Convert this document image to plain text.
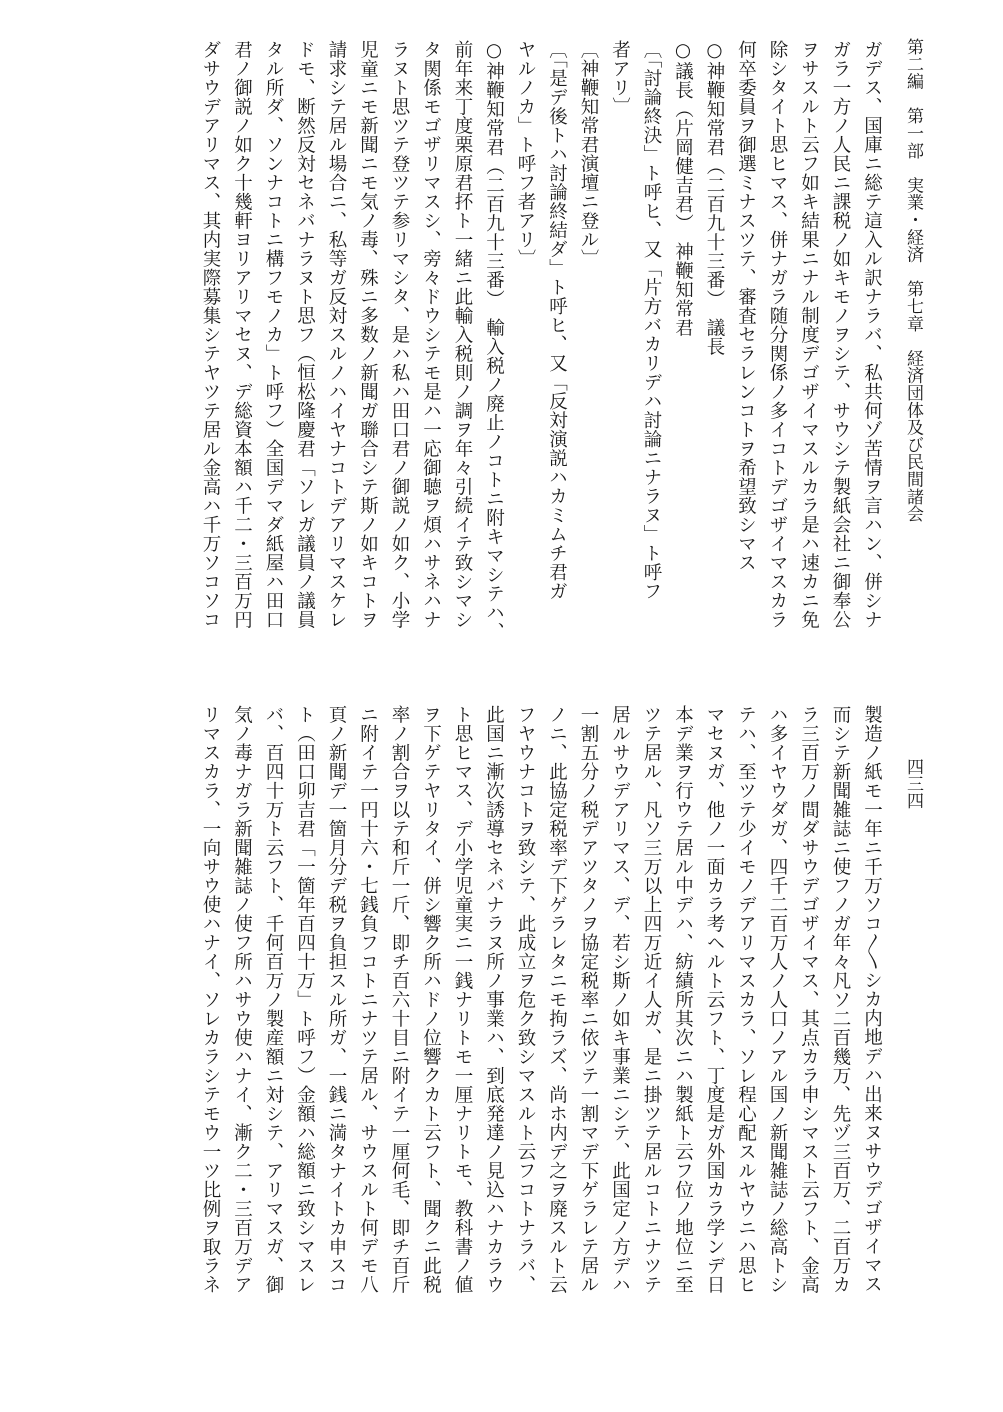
第二編　第一部　実業・経済　第七章　経済団体及び民間諸会
四三四
ガデス、国庫ニ総テ這入ル訳ナラバ、私共何ゾ苦情ヲ言ハン、併シナ
ガラ一方ノ人民ニ課税ノ如キモノヲシテ、サウシテ製紙会社ニ御奉公
ヲサスルト云フ如キ結果ニナル制度デゴザイマスルカラ是ハ速カニ免
除シタイト思ヒマス、併ナガラ随分関係ノ多イコトデゴザイマスカラ
何卒委員ヲ御選ミナスツテ、審査セラレンコトヲ希望致シマス
○神鞭知常君（二百九十三番）　議長
○議長（片岡健吉君）　神鞭知常君
〔「討論終決」ト呼ヒ、又「片方バカリデハ討論ニナラヌ」ト呼フ
者アリ〕
〔神鞭知常君演壇ニ登ル〕
〔「是デ後トハ討論終結ダ」ト呼ヒ、又「反対演説ハカミムチ君ガ
ヤルノカ」ト呼フ者アリ〕
○神鞭知常君（二百九十三番）　輸入税ノ廃止ノコトニ附キマシテハ、
前年来丁度栗原君抔ト一緒ニ此輸入税則ノ調ヲ年々引続イテ致シマシ
タ関係モゴザリマスシ、旁々ドウシテモ是ハ一応御聴ヲ煩ハサネハナ
ラヌト思ツテ登ツテ参リマシタ、是ハ私ハ田口君ノ御説ノ如ク、小学
児童ニモ新聞ニモ気ノ毒、殊ニ多数ノ新聞ガ聯合シテ斯ノ如キコトヲ
請求シテ居ル場合ニ、私等ガ反対スルノハイヤナコトデアリマスケレ
ドモ、断然反対セネバナラヌト思フ（恒松隆慶君「ソレガ議員ノ議員
タル所ダ、ソンナコトニ構フモノカ」ト呼フ）全国デマダ紙屋ハ田口
君ノ御説ノ如ク十幾軒ヨリアリマセヌ、デ総資本額ハ千二・三百万円
ダサウデアリマス、其内実際募集シテヤツテ居ル金高ハ千万ソコソコ
製造ノ紙モ一年ニ千万ソコ〳〵シカ内地デハ出来ヌサウデゴザイマス
而シテ新聞雑誌ニ使フノガ年々凡ソ二百幾万、先ヅ三百万、二百万カ
ラ三百万ノ間ダサウデゴザイマス、其点カラ申シマスト云フト、金高
ハ多イヤウダガ、四千二百万人ノ人口ノアル国ノ新聞雑誌ノ総高トシ
テハ、至ツテ少イモノデアリマスカラ、ソレ程心配スルヤウニハ思ヒ
マセヌガ、他ノ一面カラ考ヘルト云フト、丁度是ガ外国カラ学ンデ日
本デ業ヲ行ウテ居ル中デハ、紡績所其次ニハ製紙ト云フ位ノ地位ニ至
ツテ居ル、凡ソ三万以上四万近イ人ガ、是ニ掛ツテ居ルコトニナツテ
居ルサウデアリマス、デ、若シ斯ノ如キ事業ニシテ、此国定ノ方デハ
一割五分ノ税デアツタノヲ協定税率ニ依ツテ一割マデ下ゲラレテ居ル
ノニ、此協定税率デ下ゲラレタニモ拘ラズ、尚ホ内デ之ヲ廃スルト云
フヤウナコトヲ致シテ、此成立ヲ危ク致シマスルト云フコトナラバ、
此国ニ漸次誘導セネバナラヌ所ノ事業ハ、到底発達ノ見込ハナカラウ
ト思ヒマス、デ小学児童実ニ一銭ナリトモ一厘ナリトモ、教科書ノ値
ヲ下ゲテヤリタイ、併シ響ク所ハドノ位響クカト云フト、聞クニ此税
率ノ割合ヲ以テ和斤一斤、即チ百六十目ニ附イテ一厘何毛、即チ百斤
ニ附イテ一円十六・七銭負フコトニナツテ居ル、サウスルト何デモ八
頁ノ新聞デ一箇月分デ税ヲ負担スル所ガ、一銭ニ満タナイトカ申スコ
ト（田口卯吉君「一箇年百四十万」ト呼フ）金額ハ総額ニ致シマスレ
バ、百四十万ト云フト、千何百万ノ製産額ニ対シテ、アリマスガ、御
気ノ毒ナガラ新聞雑誌ノ使フ所ハサウ使ハナイ、漸ク二・三百万デア
リマスカラ、一向サウ使ハナイ、ソレカラシテモウ一ツ比例ヲ取ラネ
